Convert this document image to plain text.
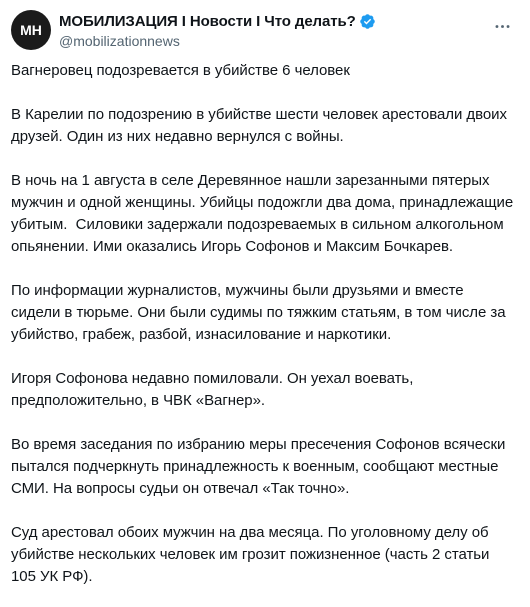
МН
МОБИЛИЗАЦИЯ I Новости I Что делать?
@mobilizationnews

Вагнеровец подозревается в убийстве 6 человек

В Карелии по подозрению в убийстве шести человек арестовали двоих друзей. Один из них недавно вернулся с войны.

В ночь на 1 августа в селе Деревянное нашли зарезанными пятерых мужчин и одной женщины. Убийцы подожгли два дома, принадлежащие убитым.  Силовики задержали подозреваемых в сильном алкогольном опьянении. Ими оказались Игорь Софонов и Максим Бочкарев.

По информации журналистов, мужчины были друзьями и вместе сидели в тюрьме. Они были судимы по тяжким статьям, в том числе за убийство, грабеж, разбой, изнасилование и наркотики.

Игоря Софонова недавно помиловали. Он уехал воевать, предположительно, в ЧВК «Вагнер».

Во время заседания по избранию меры пресечения Софонов всячески пытался подчеркнуть принадлежность к военным, сообщают местные СМИ. На вопросы судьи он отвечал «Так точно».

Суд арестовал обоих мужчин на два месяца. По уголовному делу об убийстве нескольких человек им грозит пожизненное (часть 2 статьи 105 УК РФ).
